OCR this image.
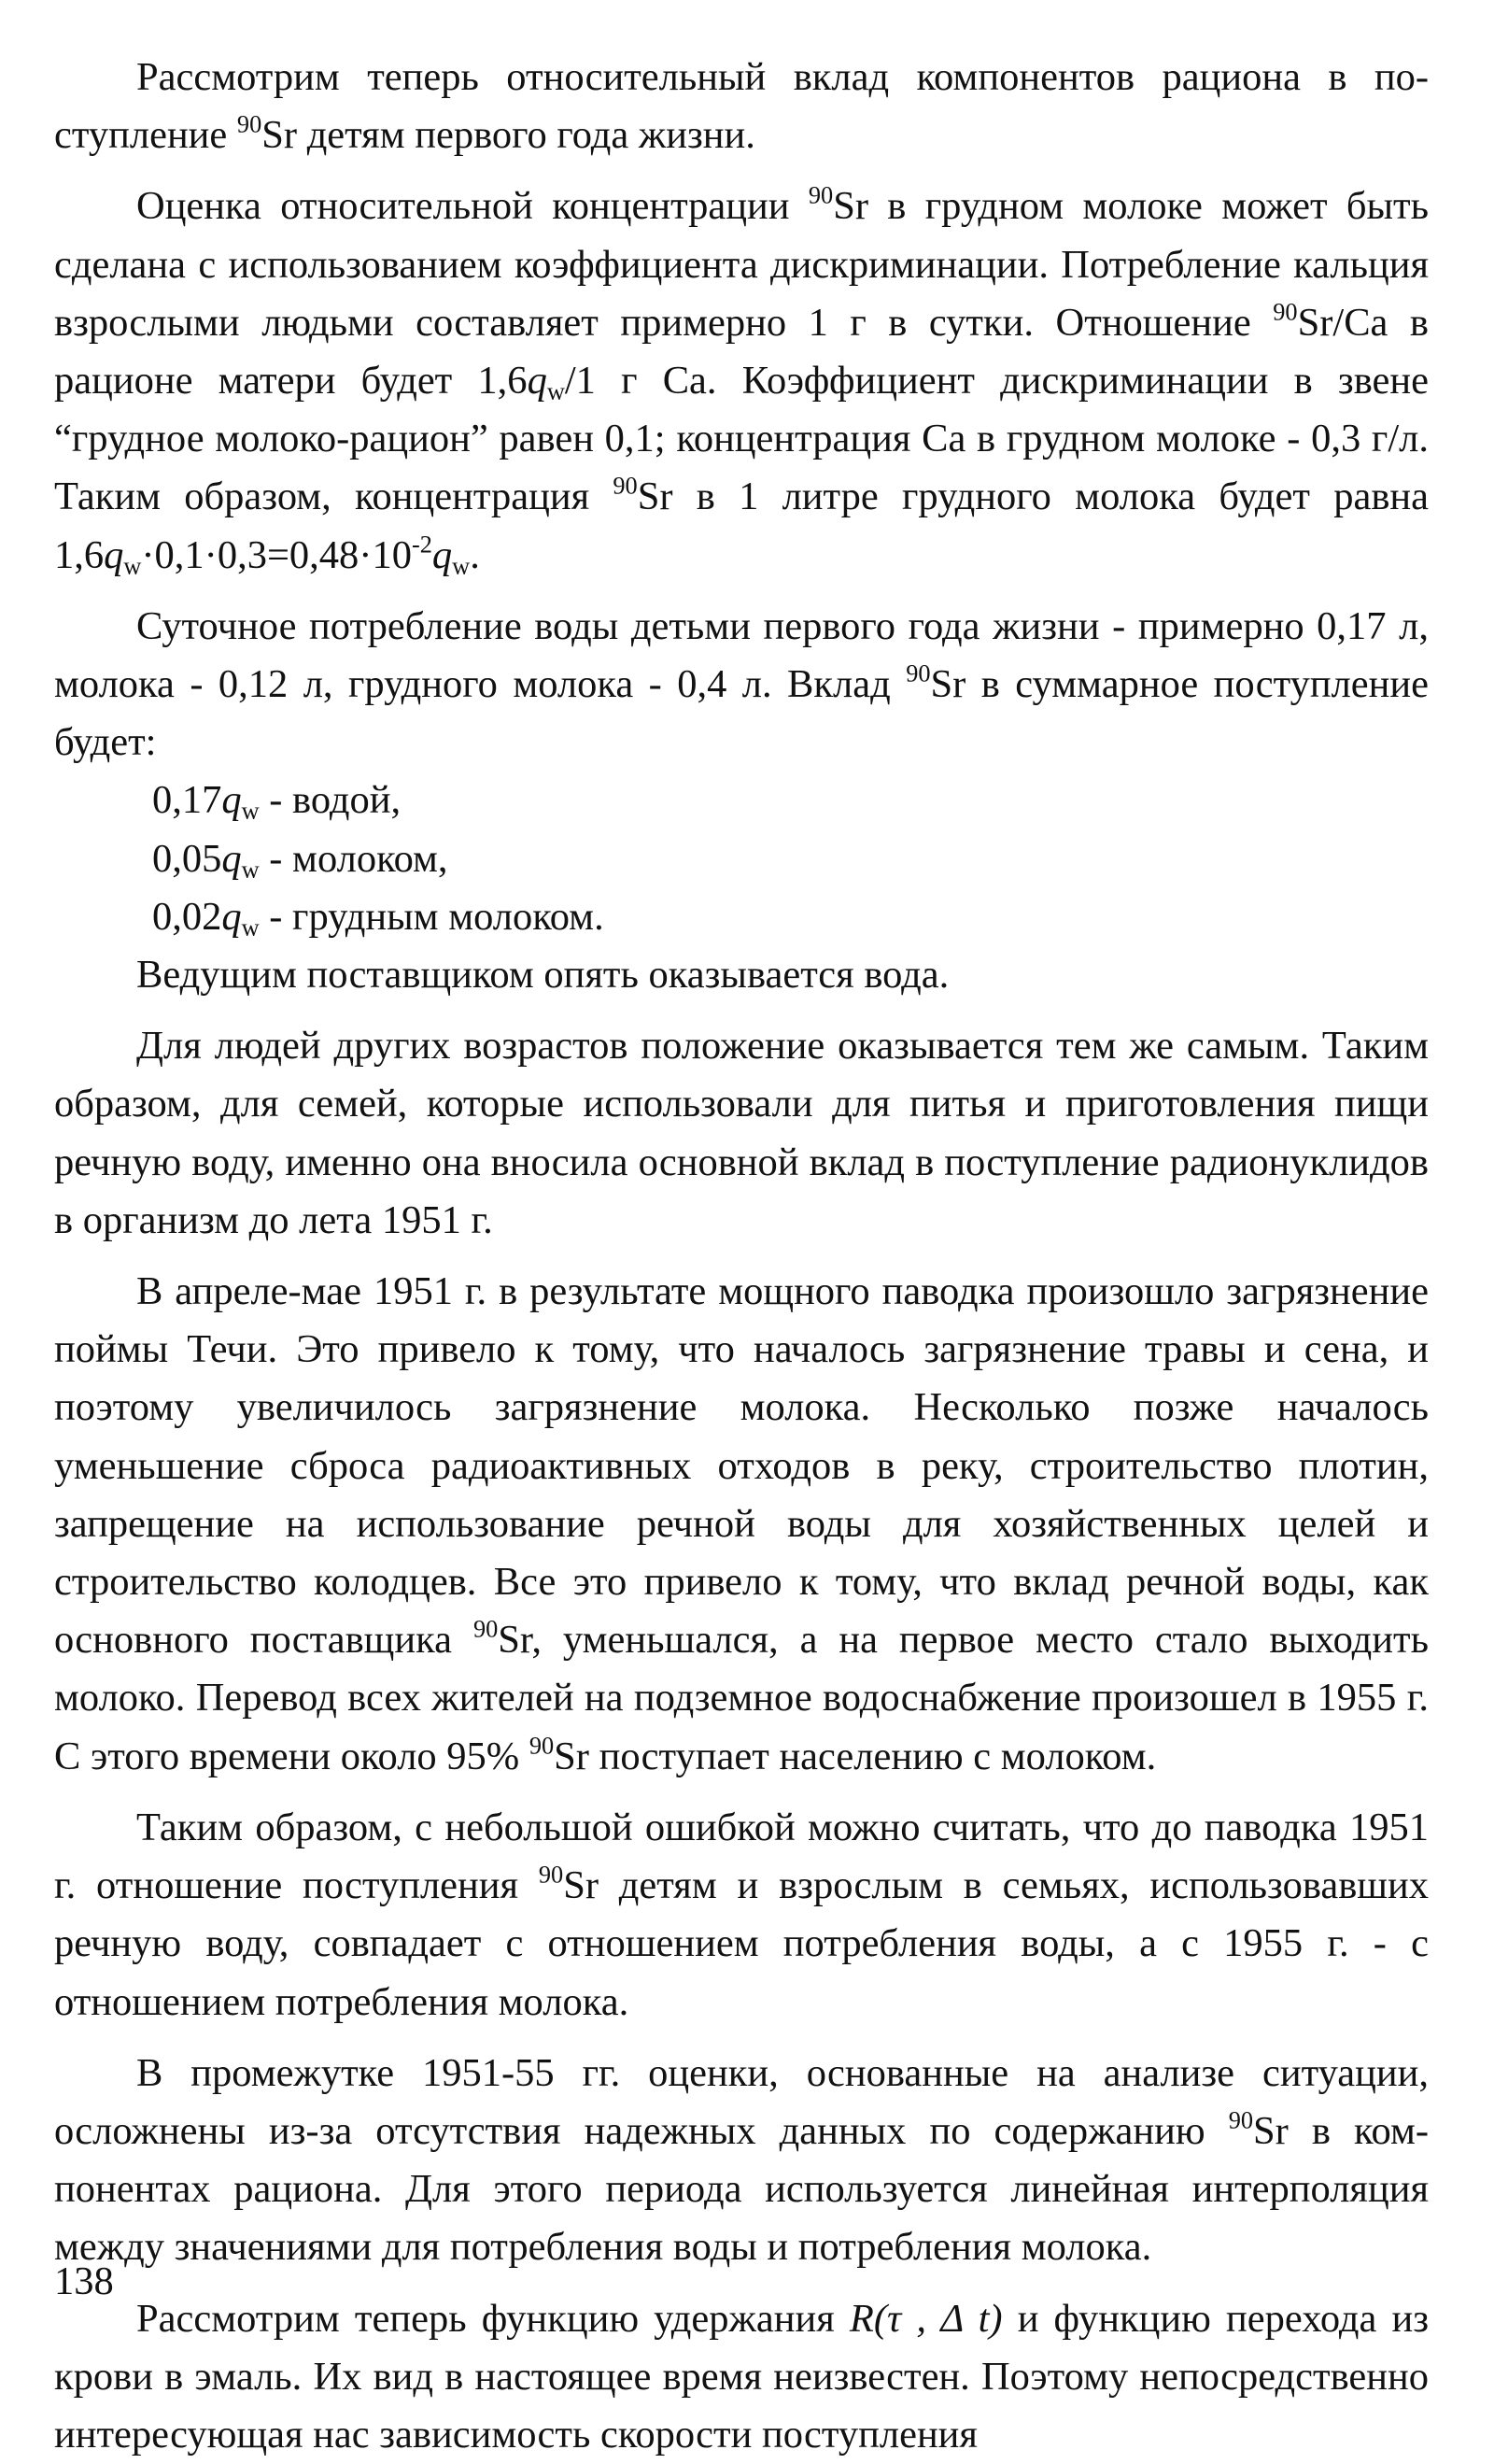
Рассмотрим теперь относительный вклад компонентов рациона в поступление $^{90}$Sr детям первого года жизни.

Оценка относительной концентрации $^{90}$Sr в грудном молоке может быть сделана с использованием коэффициента дискриминации. Потребление кальция взрослыми людьми составляет примерно 1 г в сутки. Отношение $^{90}$Sr/Ca в рационе матери будет $1,6q_w/1$ г Са. Коэффициент дискриминации в звене “грудное молоко-рацион” равен 0,1; концентрация Са в грудном молоке - 0,3 г/л. Таким образом, концентрация $^{90}$Sr в 1 литре грудного молока будет равна $1,6q_w\cdot 0,1\cdot 0,3=0,48\cdot 10^{-2}q_w$.

Суточное потребление воды детьми первого года жизни - примерно 0,17 л, молока - 0,12 л, грудного молока - 0,4 л. Вклад $^{90}$Sr в суммарное поступление будет:

$0,17q_w$ - водой,

$0,05q_w$ - молоком,

$0,02q_w$ - грудным молоком.

Ведущим поставщиком опять оказывается вода.

Для людей других возрастов положение оказывается тем же самым. Таким образом, для семей, которые использовали для питья и приготовления пищи речную воду, именно она вносила основной вклад в поступление радионуклидов в организм до лета 1951 г.

В апреле-мае 1951 г. в результате мощного паводка произошло загрязнение поймы Течи. Это привело к тому, что началось загрязнение травы и сена, и поэтому увеличилось загрязнение молока. Несколько позже началось уменьшение сброса радиоактивных отходов в реку, строительство плотин, запрещение на использование речной воды для хозяйственных целей и строительство колодцев. Все это привело к тому, что вклад речной воды, как основного поставщика $^{90}$Sr, уменьшался, а на первое место стало выходить молоко. Перевод всех жителей на подземное водоснабжение произошел в 1955 г. С этого времени около 95% $^{90}$Sr поступает населению с молоком.

Таким образом, с небольшой ошибкой можно считать, что до паводка 1951 г. отношение поступления $^{90}$Sr детям и взрослым в семьях, использовавших речную воду, совпадает с отношением потребления воды, а с 1955 г. - с отношением потребления молока.

В промежутке 1951-55 гг. оценки, основанные на анализе ситуации, осложнены из-за отсутствия надежных данных по содержанию $^{90}$Sr в компонентах рациона. Для этого периода используется линейная интерполяция между значениями для потребления воды и потребления молока.

Рассмотрим теперь функцию удержания R(τ , Δ t) и функцию перехода из крови в эмаль. Их вид в настоящее время неизвестен. Поэтому непосредственно интересующая нас зависимость скорости поступления

138
